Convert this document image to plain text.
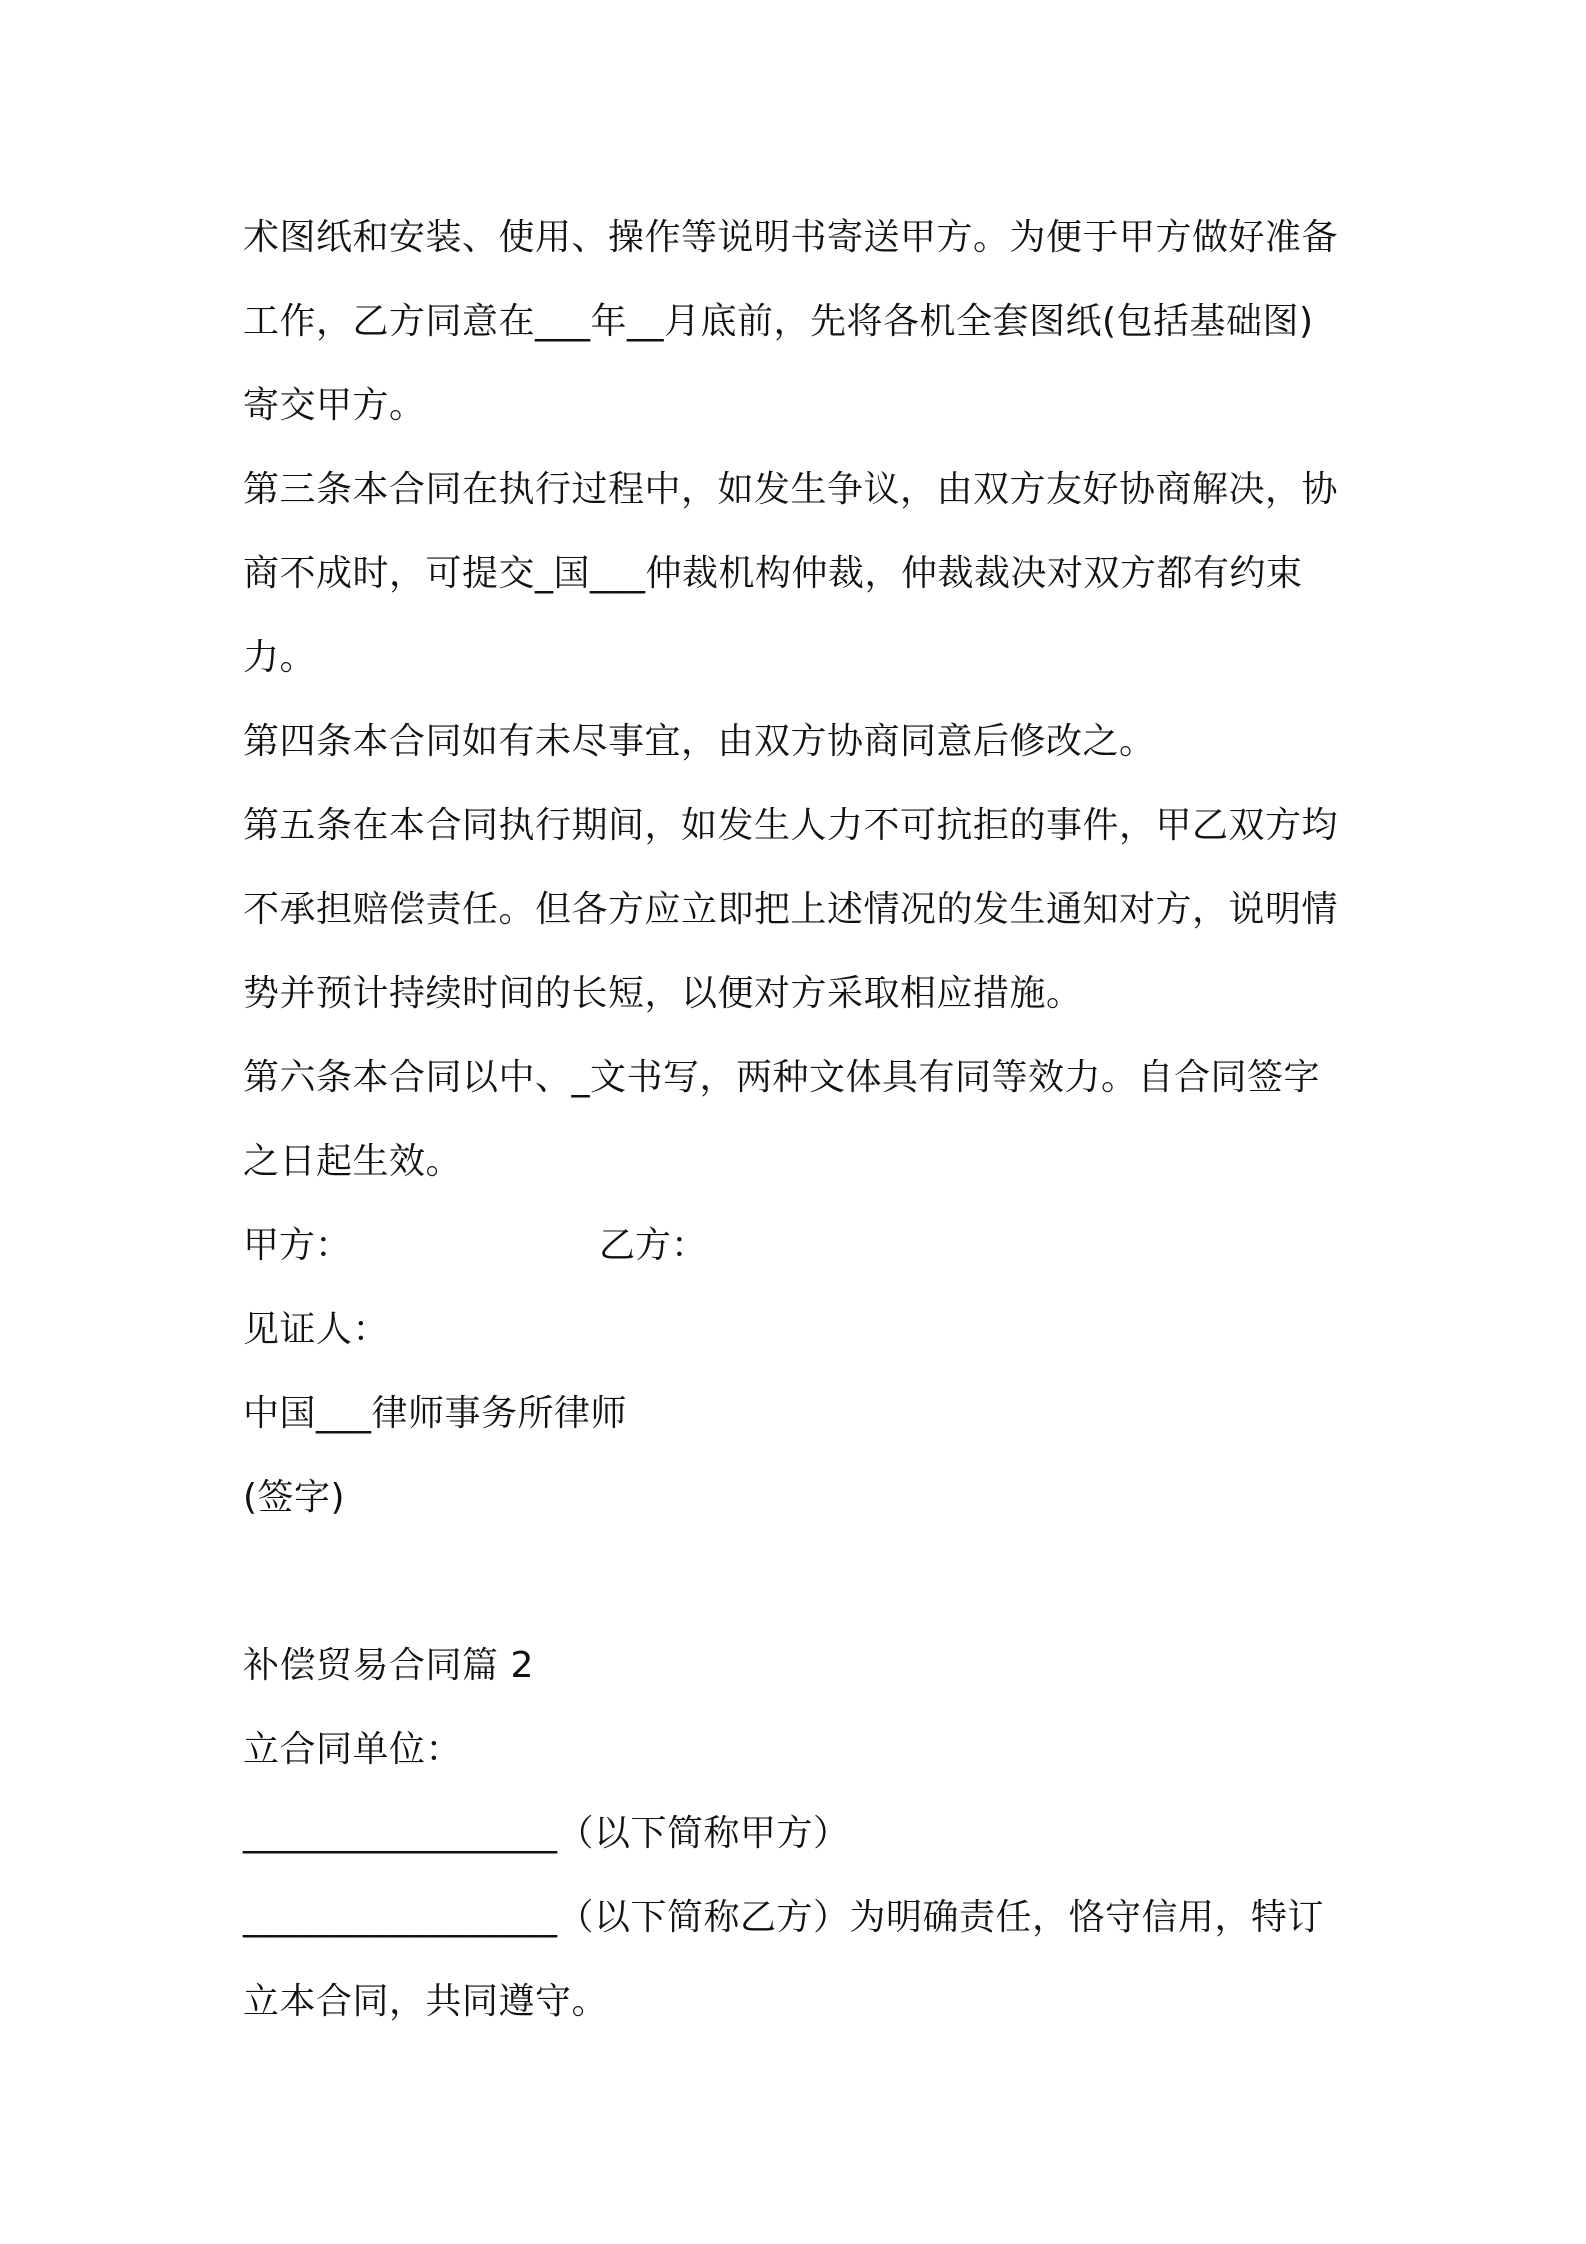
术图纸和安装、使用、操作等说明书寄送甲方。为便于甲方做好准备
工作，乙方同意在___年__月底前，先将各机全套图纸(包括基础图)
寄交甲方。
第三条本合同在执行过程中，如发生争议，由双方友好协商解决，协
商不成时，可提交_国___仲裁机构仲裁，仲裁裁决对双方都有约束
力。
第四条本合同如有未尽事宜，由双方协商同意后修改之。
第五条在本合同执行期间，如发生人力不可抗拒的事件，甲乙双方均
不承担赔偿责任。但各方应立即把上述情况的发生通知对方，说明情
势并预计持续时间的长短，以便对方采取相应措施。
第六条本合同以中、_文书写，两种文体具有同等效力。自合同签字
之日起生效。
甲方：	乙方：
见证人：
中国___律师事务所律师
(签字)
补偿贸易合同篇 2
立合同单位：
_________________（以下简称甲方）
_________________（以下简称乙方）为明确责任，恪守信用，特订
立本合同，共同遵守。
